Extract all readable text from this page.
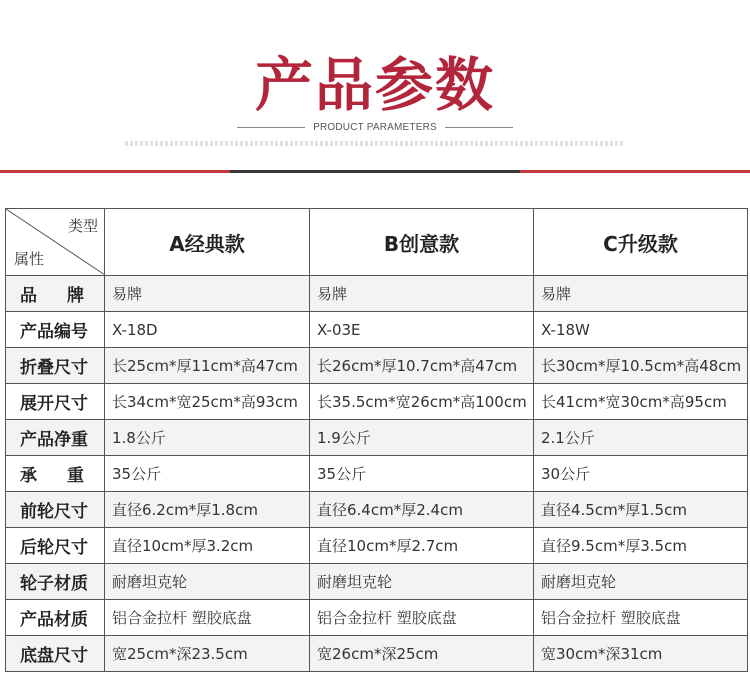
产品参数
PRODUCT PARAMETERS
类型
属性	A经典款	B创意款	C升级款
品牌	易牌	易牌	易牌
产品编号	X-18D	X-03E	X-18W
折叠尺寸	长25cm*厚11cm*高47cm	长26cm*厚10.7cm*高47cm	长30cm*厚10.5cm*高48cm
展开尺寸	长34cm*宽25cm*高93cm	长35.5cm*宽26cm*高100cm	长41cm*宽30cm*高95cm
产品净重	1.8公斤	1.9公斤	2.1公斤
承重	35公斤	35公斤	30公斤
前轮尺寸	直径6.2cm*厚1.8cm	直径6.4cm*厚2.4cm	直径4.5cm*厚1.5cm
后轮尺寸	直径10cm*厚3.2cm	直径10cm*厚2.7cm	直径9.5cm*厚3.5cm
轮子材质	耐磨坦克轮	耐磨坦克轮	耐磨坦克轮
产品材质	铝合金拉杆 塑胶底盘	铝合金拉杆 塑胶底盘	铝合金拉杆 塑胶底盘
底盘尺寸	宽25cm*深23.5cm	宽26cm*深25cm	宽30cm*深31cm
